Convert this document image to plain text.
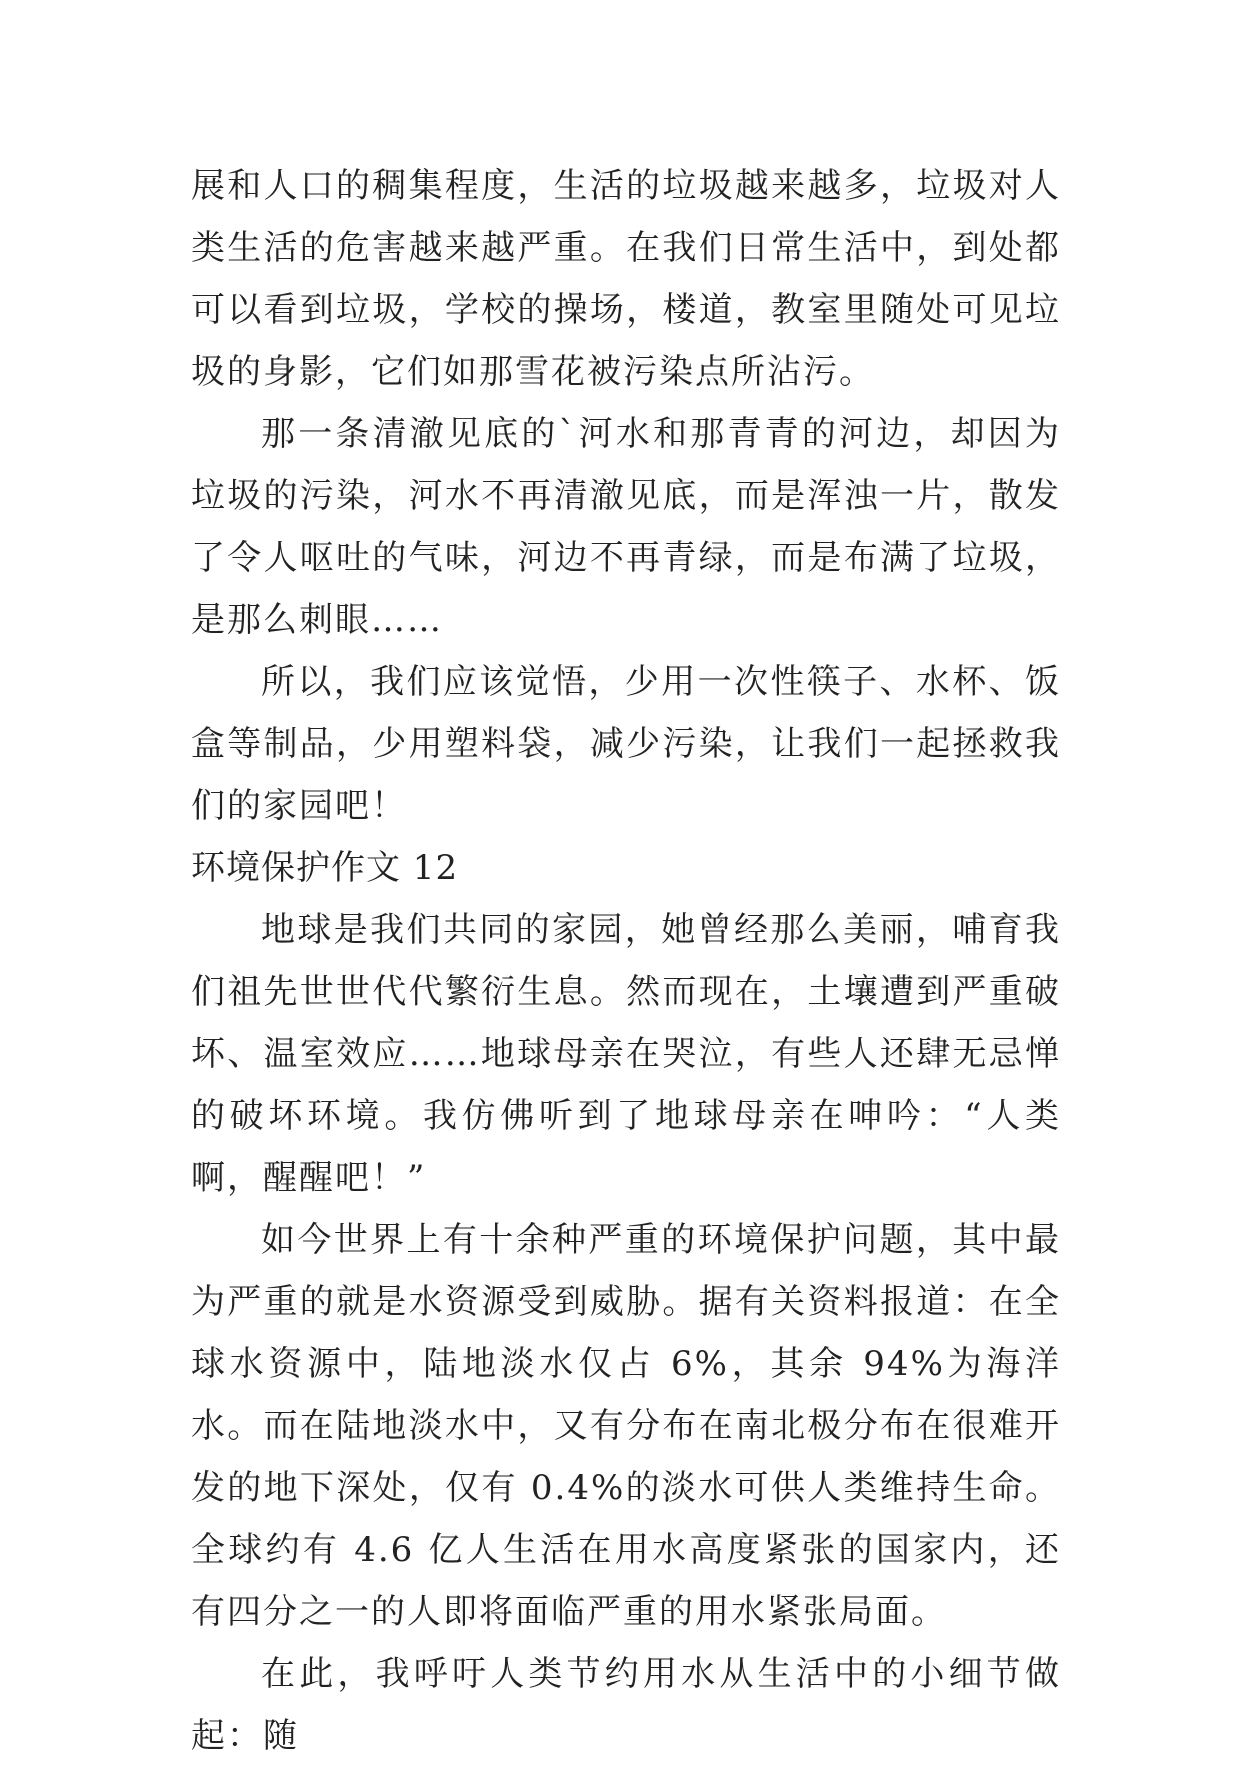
展和人口的稠集程度，生活的垃圾越来越多，垃圾对人类生活的危害越来越严重。在我们日常生活中，到处都可以看到垃圾，学校的操场，楼道，教室里随处可见垃圾的身影，它们如那雪花被污染点所沾污。

那一条清澈见底的`河水和那青青的河边，却因为垃圾的污染，河水不再清澈见底，而是浑浊一片，散发了令人呕吐的气味，河边不再青绿，而是布满了垃圾，是那么刺眼……

所以，我们应该觉悟，少用一次性筷子、水杯、饭盒等制品，少用塑料袋，减少污染，让我们一起拯救我们的家园吧！

环境保护作文 12

地球是我们共同的家园，她曾经那么美丽，哺育我们祖先世世代代繁衍生息。然而现在，土壤遭到严重破坏、温室效应……地球母亲在哭泣，有些人还肆无忌惮的破坏环境。我仿佛听到了地球母亲在呻吟：“人类啊，醒醒吧！”

如今世界上有十余种严重的环境保护问题，其中最为严重的就是水资源受到威胁。据有关资料报道：在全球水资源中，陆地淡水仅占 6%，其余 94%为海洋水。而在陆地淡水中，又有分布在南北极分布在很难开发的地下深处，仅有 0.4%的淡水可供人类维持生命。全球约有 4.6 亿人生活在用水高度紧张的国家内，还有四分之一的人即将面临严重的用水紧张局面。

在此，我呼吁人类节约用水从生活中的小细节做起：随
